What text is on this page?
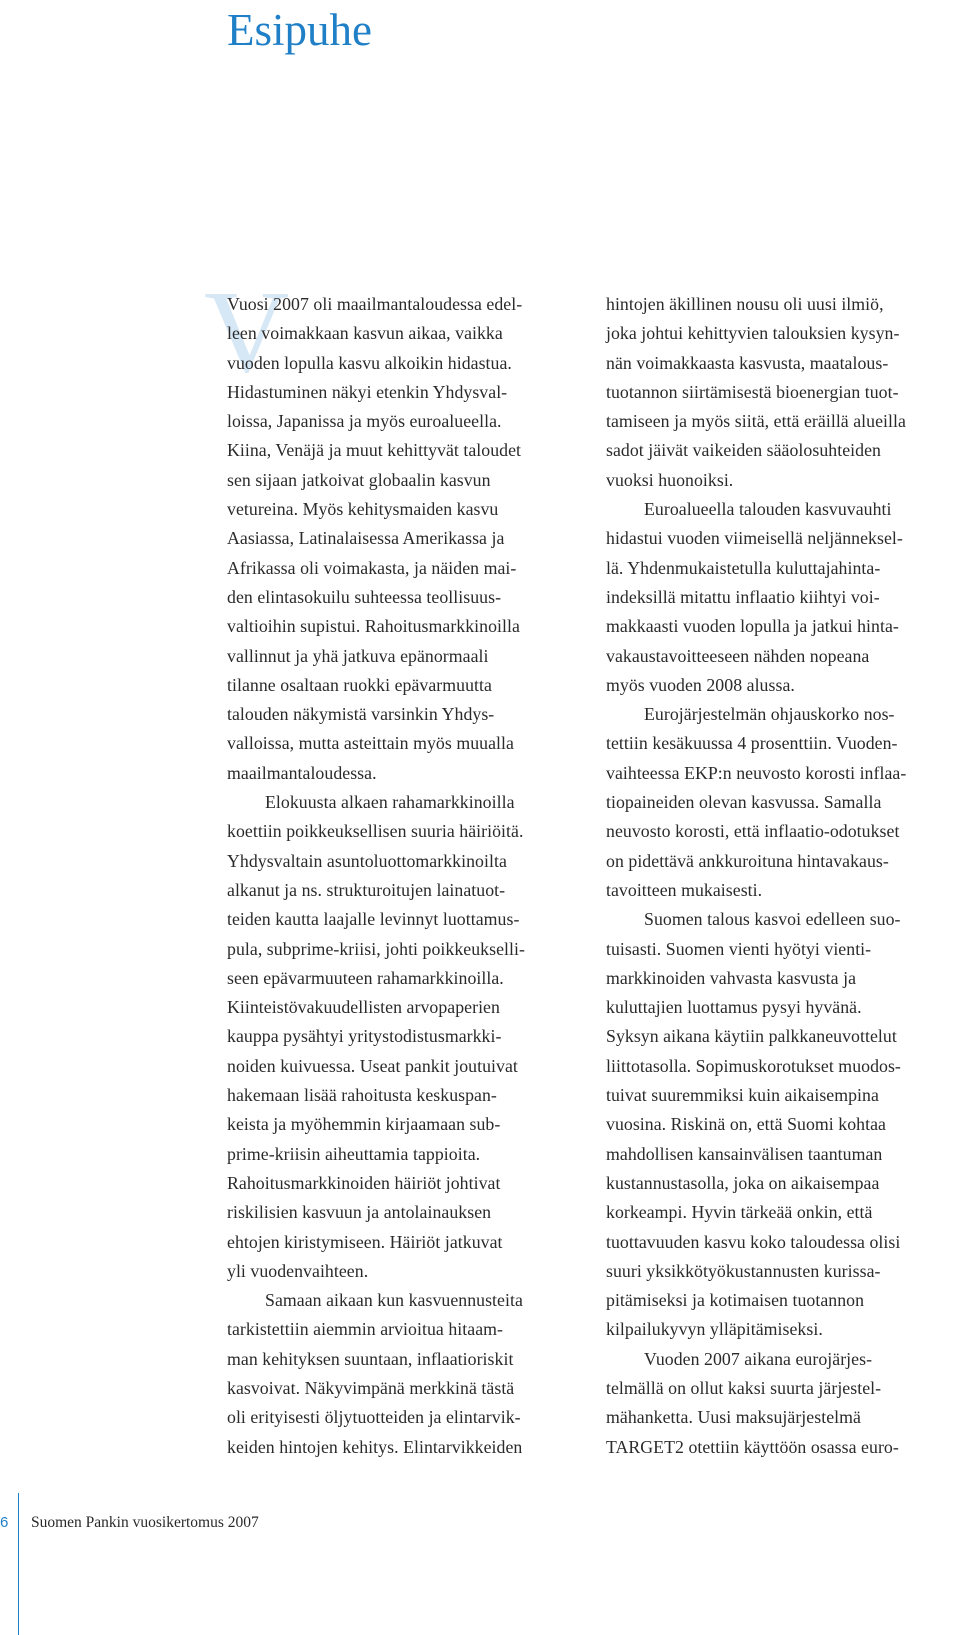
Esipuhe
V
Vuosi 2007 oli maailmantaloudessa edel-
leen voimakkaan kasvun aikaa, vaikka
vuoden lopulla kasvu alkoikin hidastua.
Hidastuminen näkyi etenkin Yhdysval-
loissa, Japanissa ja myös euroalueella.
Kiina, Venäjä ja muut kehittyvät taloudet
sen sijaan jatkoivat globaalin kasvun
vetureina. Myös kehitysmaiden kasvu
Aasiassa, Latinalaisessa Amerikassa ja
Afrikassa oli voimakasta, ja näiden mai-
den elintasokuilu suhteessa teollisuus-
valtioihin supistui. Rahoitusmarkkinoilla
vallinnut ja yhä jatkuva epänormaali
tilanne osaltaan ruokki epävarmuutta
talouden näkymistä varsinkin Yhdys-
valloissa, mutta asteittain myös muualla
maailmantaloudessa.
Elokuusta alkaen rahamarkkinoilla
koettiin poikkeuksellisen suuria häiriöitä.
Yhdysvaltain asuntoluottomarkkinoilta
alkanut ja ns. strukturoitujen lainatuot-
teiden kautta laajalle levinnyt luottamus-
pula, subprime-kriisi, johti poikkeukselli-
seen epävarmuuteen rahamarkkinoilla.
Kiinteistövakuudellisten arvopaperien
kauppa pysähtyi yritystodistusmarkki-
noiden kuivuessa. Useat pankit joutuivat
hakemaan lisää rahoitusta keskuspan-
keista ja myöhemmin kirjaamaan sub-
prime-kriisin aiheuttamia tappioita.
Rahoitusmarkkinoiden häiriöt johtivat
riskilisien kasvuun ja antolainauksen
ehtojen kiristymiseen. Häiriöt jatkuvat
yli vuodenvaihteen.
Samaan aikaan kun kasvuennusteita
tarkistettiin aiemmin arvioitua hitaam-
man kehityksen suuntaan, inflaatioriskit
kasvoivat. Näkyvimpänä merkkinä tästä
oli erityisesti öljytuotteiden ja elintarvik-
keiden hintojen kehitys. Elintarvikkeiden
hintojen äkillinen nousu oli uusi ilmiö,
joka johtui kehittyvien talouksien kysyn-
nän voimakkaasta kasvusta, maatalous-
tuotannon siirtämisestä bioenergian tuot-
tamiseen ja myös siitä, että eräillä alueilla
sadot jäivät vaikeiden sääolosuhteiden
vuoksi huonoiksi.
Euroalueella talouden kasvuvauhti
hidastui vuoden viimeisellä neljänneksel-
lä. Yhdenmukaistetulla kuluttajahinta-
indeksillä mitattu inflaatio kiihtyi voi-
makkaasti vuoden lopulla ja jatkui hinta-
vakaustavoitteeseen nähden nopeana
myös vuoden 2008 alussa.
Eurojärjestelmän ohjauskorko nos-
tettiin kesäkuussa 4 prosenttiin. Vuoden-
vaihteessa EKP:n neuvosto korosti inflaa-
tiopaineiden olevan kasvussa. Samalla
neuvosto korosti, että inflaatio-odotukset
on pidettävä ankkuroituna hintavakaus-
tavoitteen mukaisesti.
Suomen talous kasvoi edelleen suo-
tuisasti. Suomen vienti hyötyi vienti-
markkinoiden vahvasta kasvusta ja
kuluttajien luottamus pysyi hyvänä.
Syksyn aikana käytiin palkkaneuvottelut
liittotasolla. Sopimuskorotukset muodos-
tuivat suuremmiksi kuin aikaisempina
vuosina. Riskinä on, että Suomi kohtaa
mahdollisen kansainvälisen taantuman
kustannustasolla, joka on aikaisempaa
korkeampi. Hyvin tärkeää onkin, että
tuottavuuden kasvu koko taloudessa olisi
suuri yksikkötyökustannusten kurissa-
pitämiseksi ja kotimaisen tuotannon
kilpailukyvyn ylläpitämiseksi.
Vuoden 2007 aikana eurojärjes-
telmällä on ollut kaksi suurta järjestel-
mähanketta. Uusi maksujärjestelmä
TARGET2 otettiin käyttöön osassa euro-
6 Suomen Pankin vuosikertomus 2007
